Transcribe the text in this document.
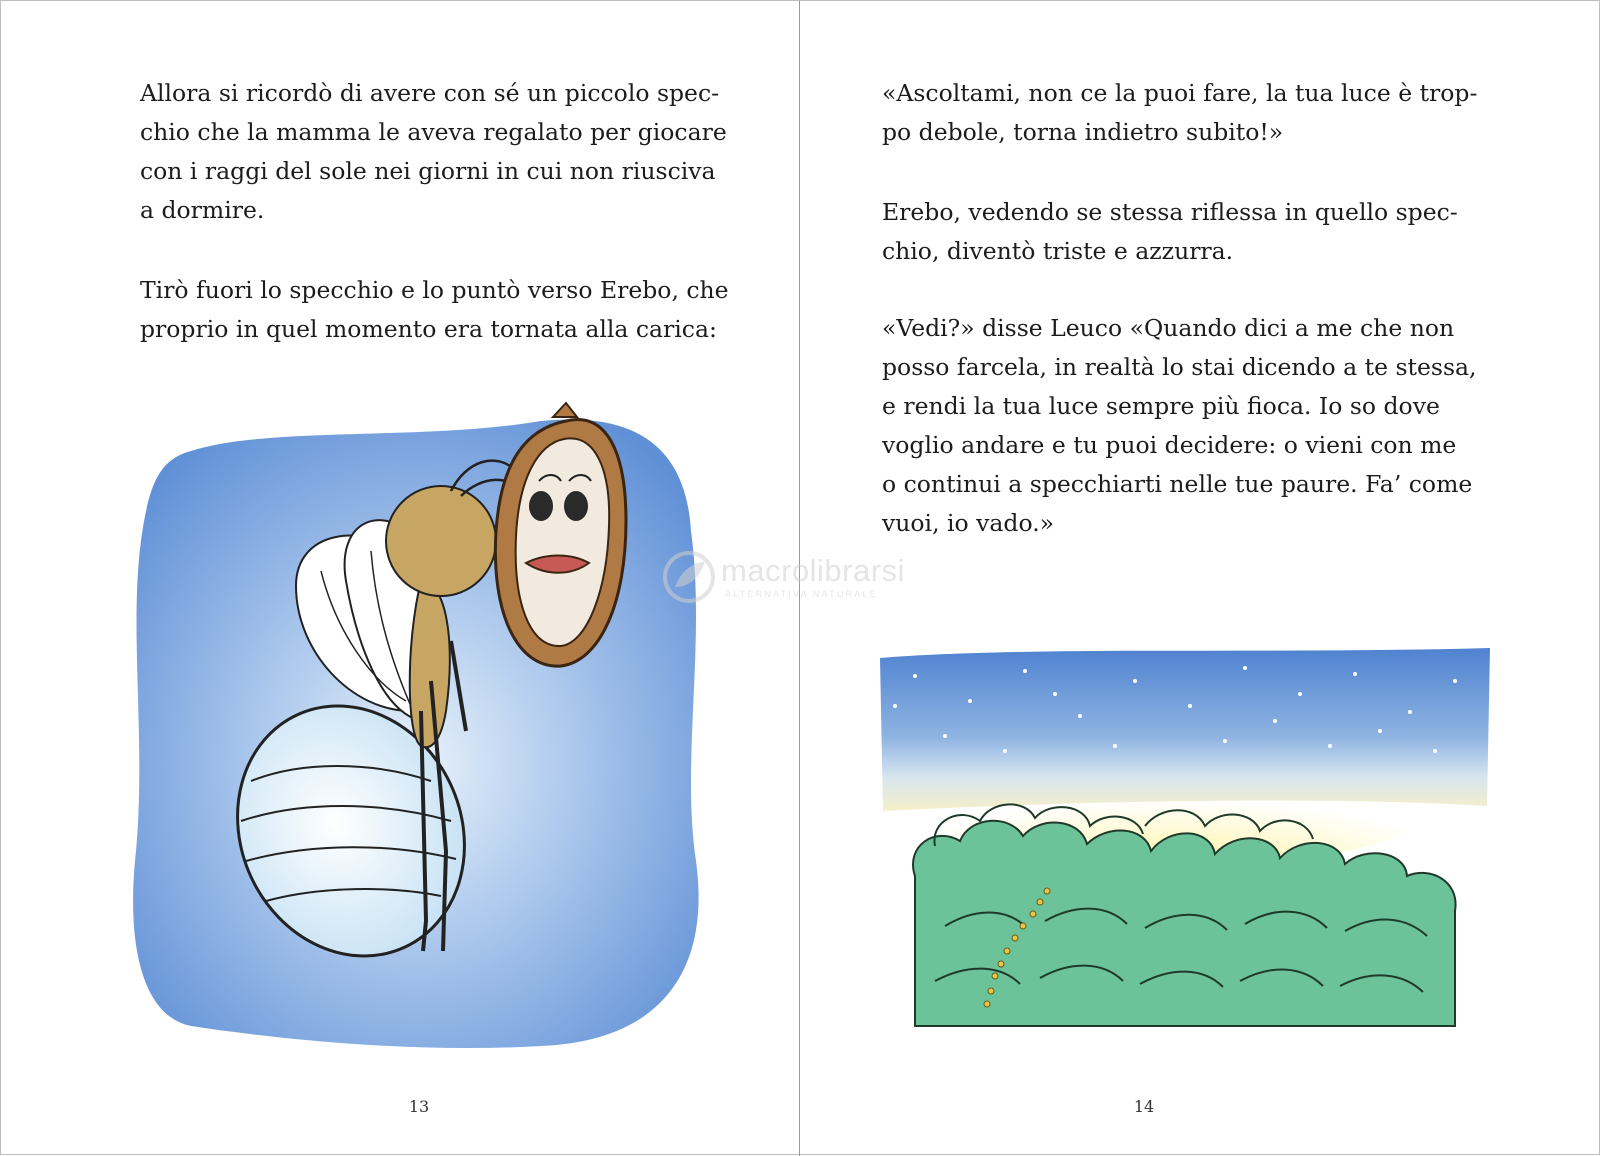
Allora si ricordò di avere con sé un piccolo spec-
chio che la mamma le aveva regalato per giocare
con i raggi del sole nei giorni in cui non riusciva
a dormire.

Tirò fuori lo specchio e lo puntò verso Erebo, che
proprio in quel momento era tornata alla carica:

13

«Ascoltami, non ce la puoi fare, la tua luce è trop-
po debole, torna indietro subito!»

Erebo, vedendo se stessa riflessa in quello spec-
chio, diventò triste e azzurra.

«Vedi?» disse Leuco «Quando dici a me che non
posso farcela, in realtà lo stai dicendo a te stessa,
e rendi la tua luce sempre più fioca. Io so dove
voglio andare e tu puoi decidere: o vieni con me
o continui a specchiarti nelle tue paure. Fa’ come
vuoi, io vado.»

14
macrolibrarsi
ALTERNATIVA NATURALE
